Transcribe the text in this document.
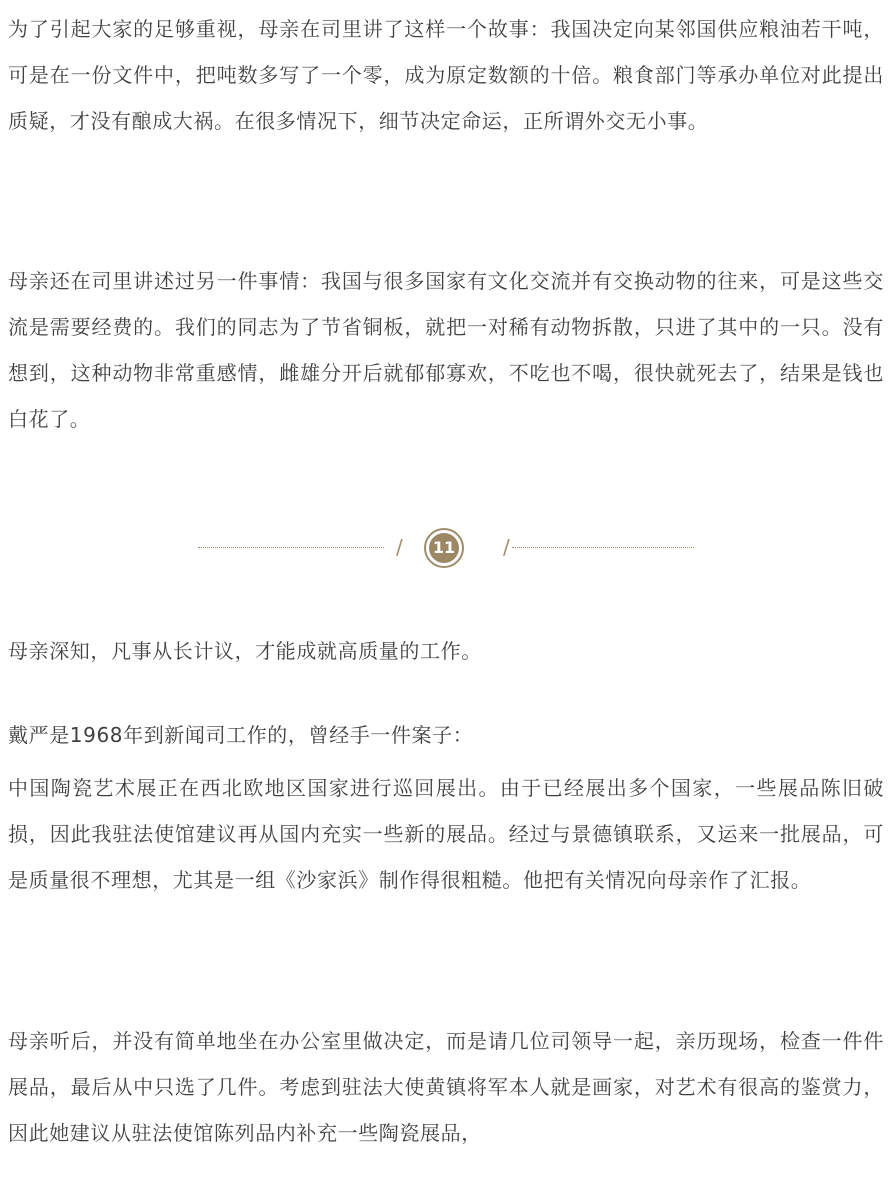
为了引起大家的足够重视，母亲在司里讲了这样一个故事：我国决定向某邻国供应粮油若干吨，可是在一份文件中，把吨数多写了一个零，成为原定数额的十倍。粮食部门等承办单位对此提出质疑，才没有酿成大祸。在很多情况下，细节决定命运，正所谓外交无小事。

母亲还在司里讲述过另一件事情：我国与很多国家有文化交流并有交换动物的往来，可是这些交流是需要经费的。我们的同志为了节省铜板，就把一对稀有动物拆散，只进了其中的一只。没有想到，这种动物非常重感情，雌雄分开后就郁郁寡欢，不吃也不喝，很快就死去了，结果是钱也白花了。

母亲深知，凡事从长计议，才能成就高质量的工作。

戴严是1968年到新闻司工作的，曾经手一件案子：

中国陶瓷艺术展正在西北欧地区国家进行巡回展出。由于已经展出多个国家，一些展品陈旧破损，因此我驻法使馆建议再从国内充实一些新的展品。经过与景德镇联系，又运来一批展品，可是质量很不理想，尤其是一组《沙家浜》制作得很粗糙。他把有关情况向母亲作了汇报。

母亲听后，并没有简单地坐在办公室里做决定，而是请几位司领导一起，亲历现场，检查一件件展品，最后从中只选了几件。考虑到驻法大使黄镇将军本人就是画家，对艺术有很高的鉴赏力，因此她建议从驻法使馆陈列品内补充一些陶瓷展品，

/ 11 /
